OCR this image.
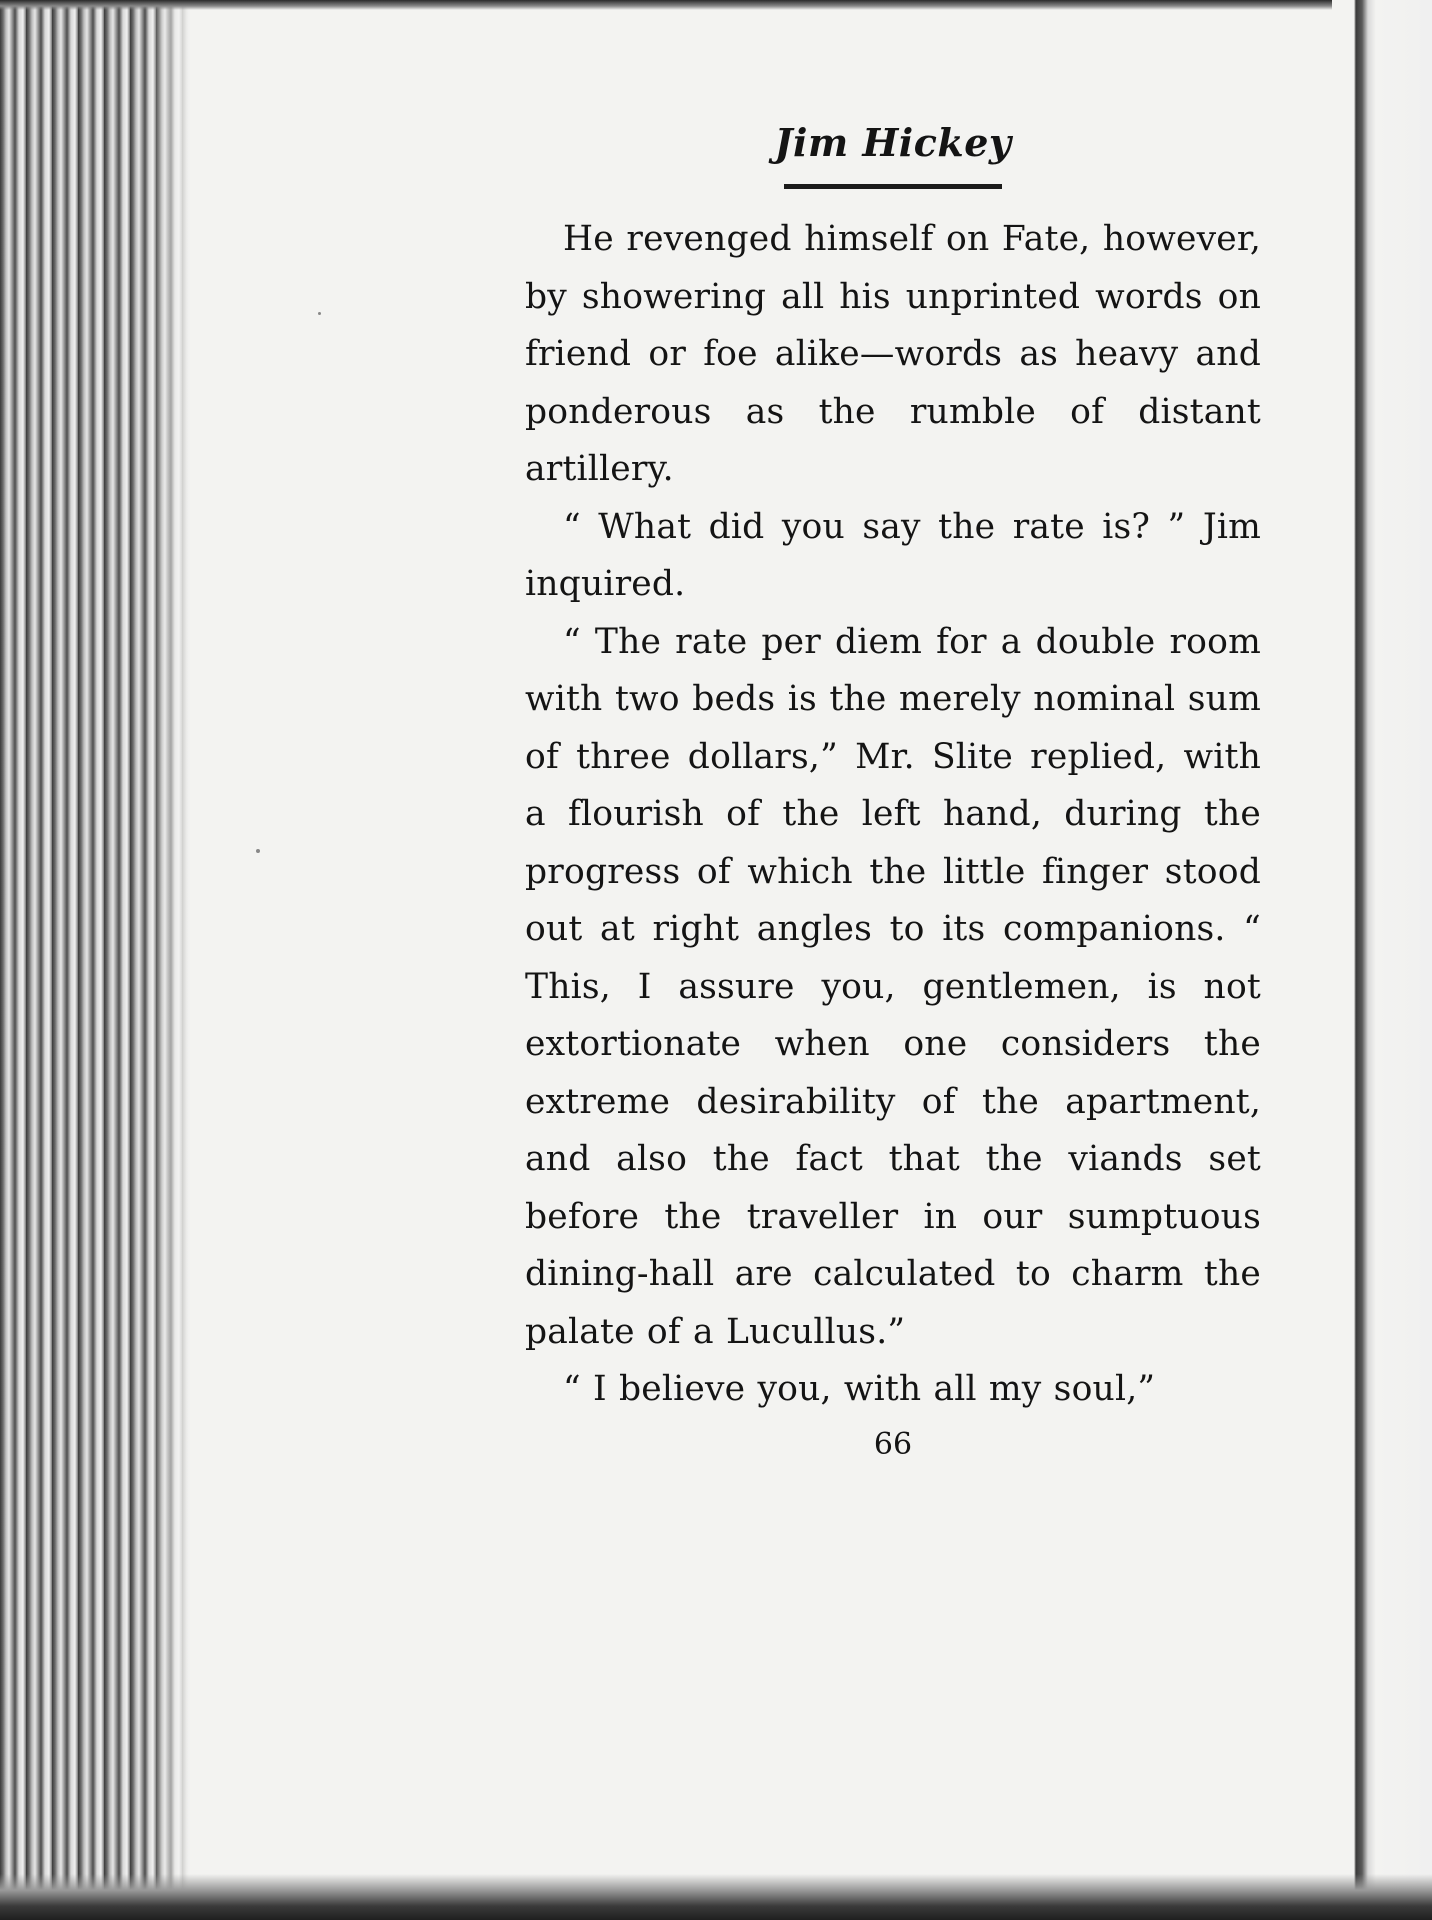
Jim Hickey

He revenged himself on Fate, however, by showering all his unprinted words on friend or foe alike—words as heavy and ponderous as the rumble of distant artillery.

“ What did you say the rate is? ” Jim inquired.

“ The rate per diem for a double room with two beds is the merely nominal sum of three dollars,” Mr. Slite replied, with a flourish of the left hand, during the progress of which the little finger stood out at right angles to its companions. “ This, I assure you, gentlemen, is not extortionate when one considers the extreme desirability of the apartment, and also the fact that the viands set before the traveller in our sumptuous dining-hall are calculated to charm the palate of a Lucullus.”

“ I believe you, with all my soul,”

66
